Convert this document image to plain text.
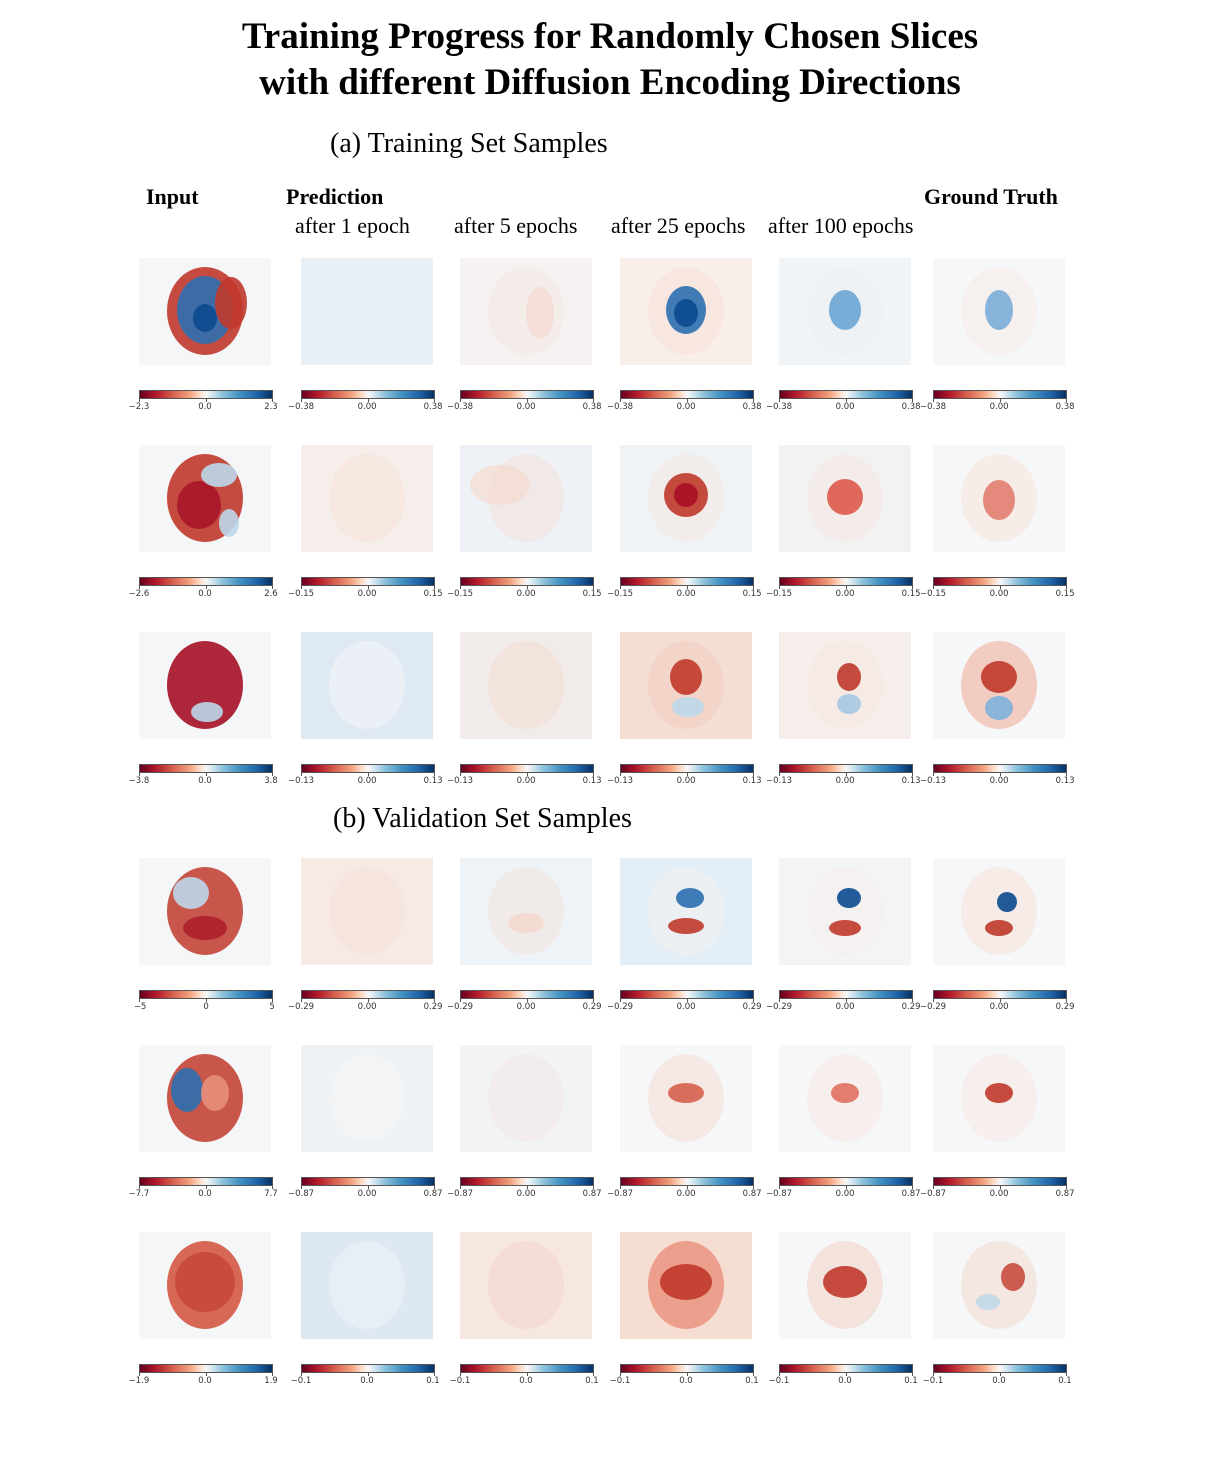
Training Progress for Randomly Chosen Slices
with different Diffusion Encoding Directions
(a) Training Set Samples
(b) Validation Set Samples
Input	Prediction	Ground Truth
after 1 epoch after 5 epochs after 25 epochs after 100 epochs
−2.3	0.0	2.3 −0.38	0.00	0.38 −0.38	0.00	0.38 −0.38	0.00	0.38 −0.38	0.00	0.38 −0.38	0.00	0.38
−2.6	0.0	2.6 −0.15	0.00	0.15 −0.15	0.00	0.15 −0.15	0.00	0.15 −0.15	0.00	0.15 −0.15	0.00	0.15
−3.8	0.0	3.8 −0.13	0.00	0.13 −0.13	0.00	0.13 −0.13	0.00	0.13 −0.13	0.00	0.13 −0.13	0.00	0.13
−5	0	5 −0.29	0.00	0.29 −0.29	0.00	0.29 −0.29	0.00	0.29 −0.29	0.00	0.29 −0.29	0.00	0.29
−7.7	0.0	7.7 −0.87	0.00	0.87 −0.87	0.00	0.87 −0.87	0.00	0.87 −0.87	0.00	0.87 −0.87	0.00	0.87
−1.9	0.0	1.9 −0.1	0.0	0.1 −0.1	0.0	0.1 −0.1	0.0	0.1 −0.1	0.0	0.1 −0.1	0.0	0.1
